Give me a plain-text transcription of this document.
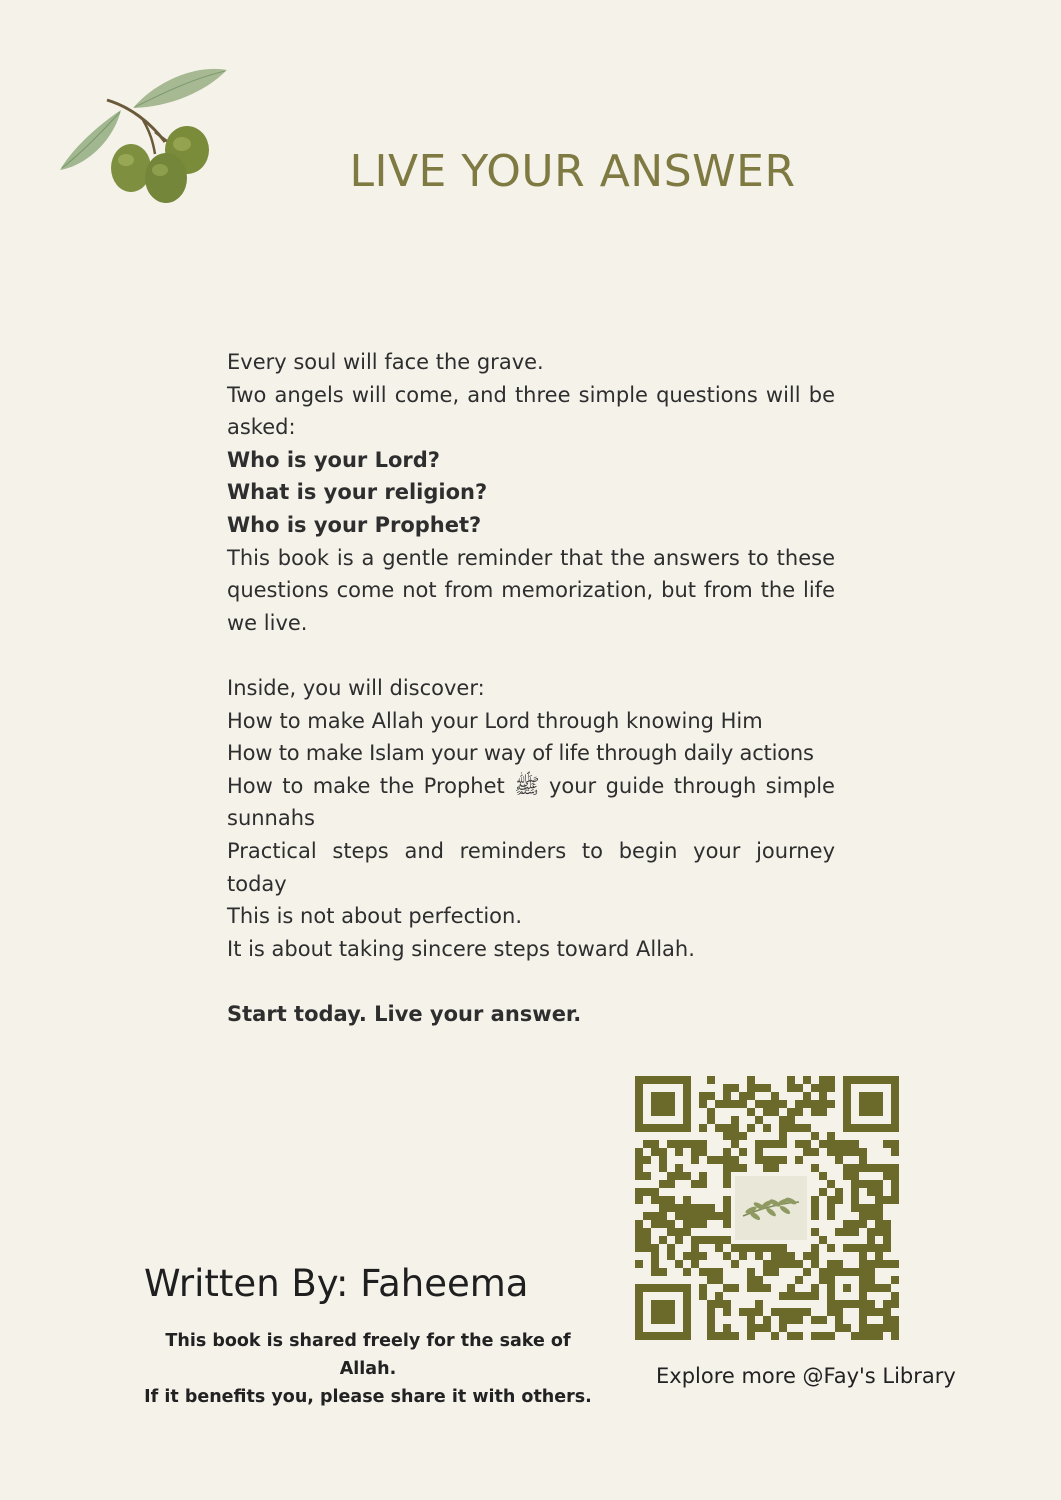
LIVE YOUR ANSWER
Every soul will face the grave.
Two angels will come, and three simple questions will be asked:
Who is your Lord?
What is your religion?
Who is your Prophet?
This book is a gentle reminder that the answers to these questions come not from memorization, but from the life we live.
Inside, you will discover:
How to make Allah your Lord through knowing Him
How to make Islam your way of life through daily actions
How to make the Prophet ﷺ your guide through simple sunnahs
Practical steps and reminders to begin your journey today
This is not about perfection.
It is about taking sincere steps toward Allah.
Start today. Live your answer.
Written By: Faheema
This book is shared freely for the sake of Allah.
If it benefits you, please share it with others.
Explore more @Fay's Library
